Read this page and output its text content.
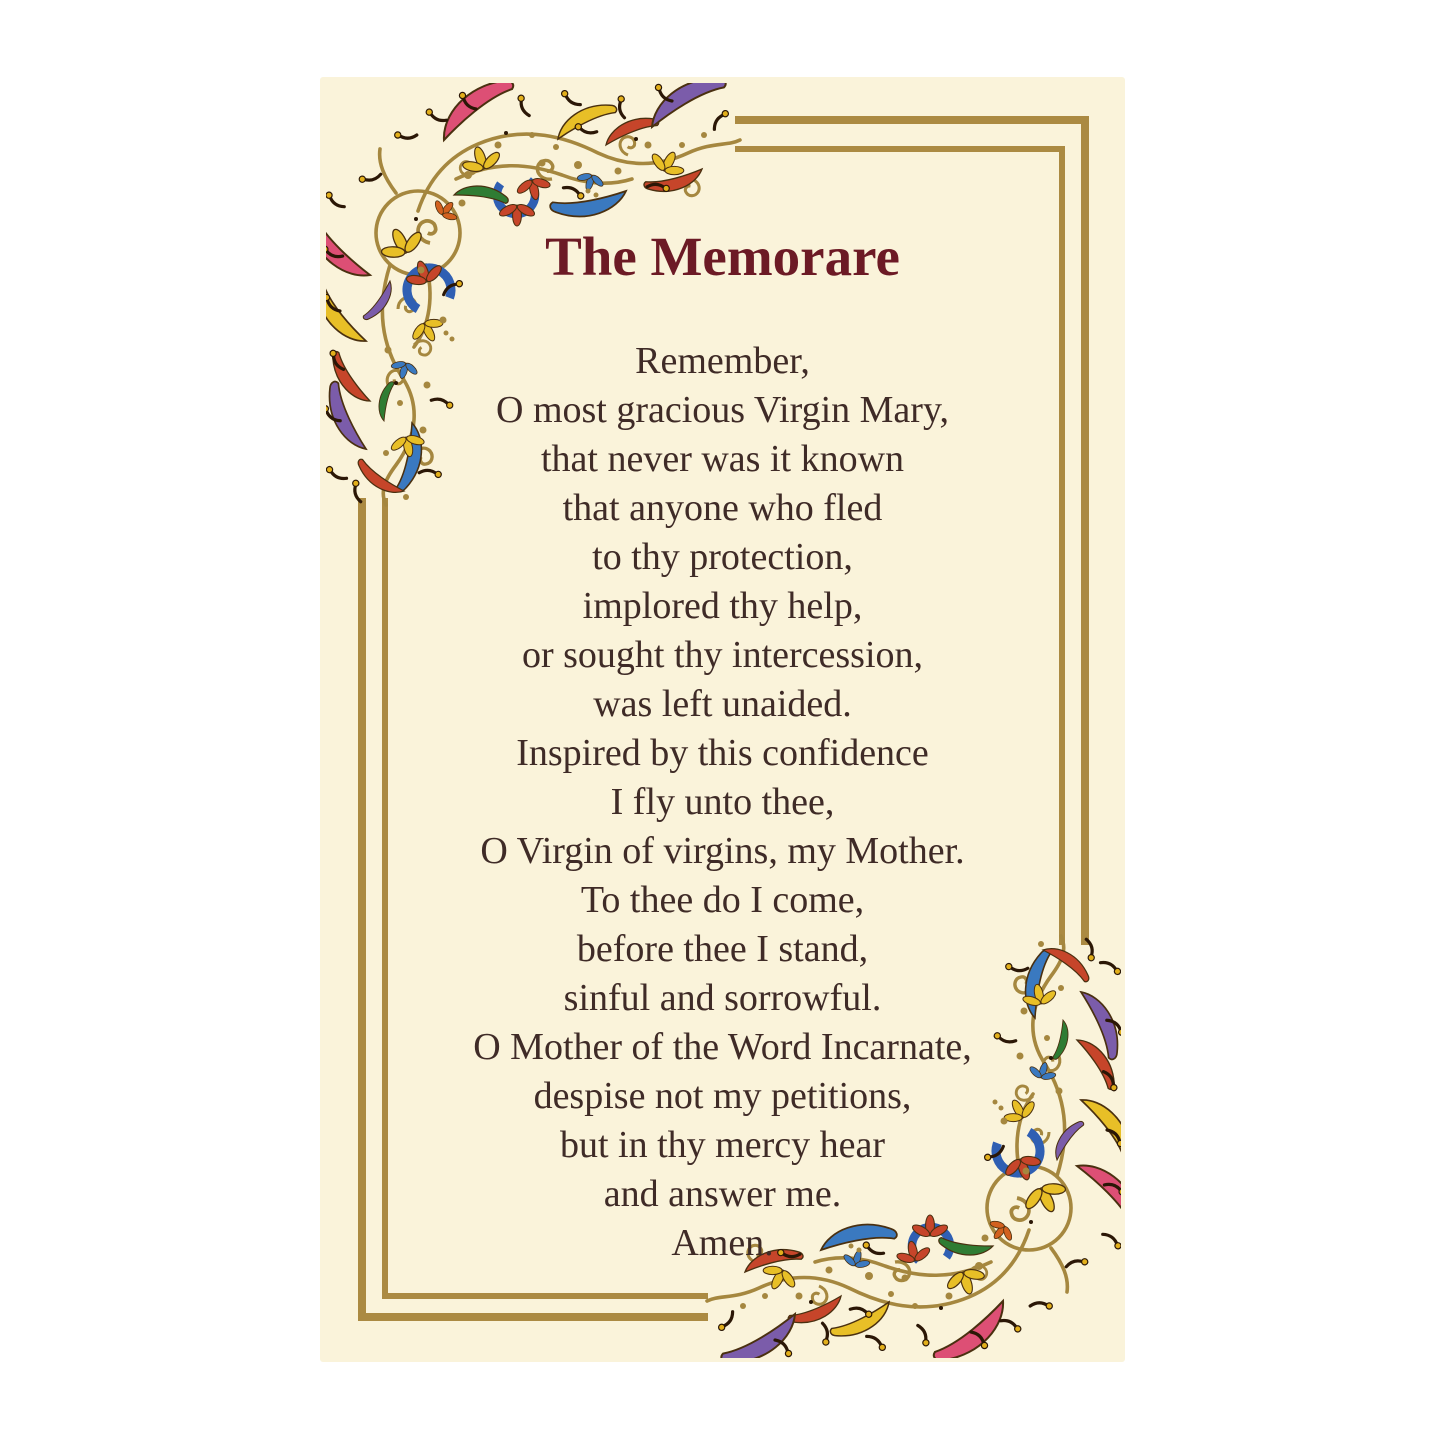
The Memorare
Remember,
O most gracious Virgin Mary,
that never was it known
that anyone who fled
to thy protection,
implored thy help,
or sought thy intercession,
was left unaided.
Inspired by this confidence
I fly unto thee,
O Virgin of virgins, my Mother.
To thee do I come,
before thee I stand,
sinful and sorrowful.
O Mother of the Word Incarnate,
despise not my petitions,
but in thy mercy hear
and answer me.
Amen.
